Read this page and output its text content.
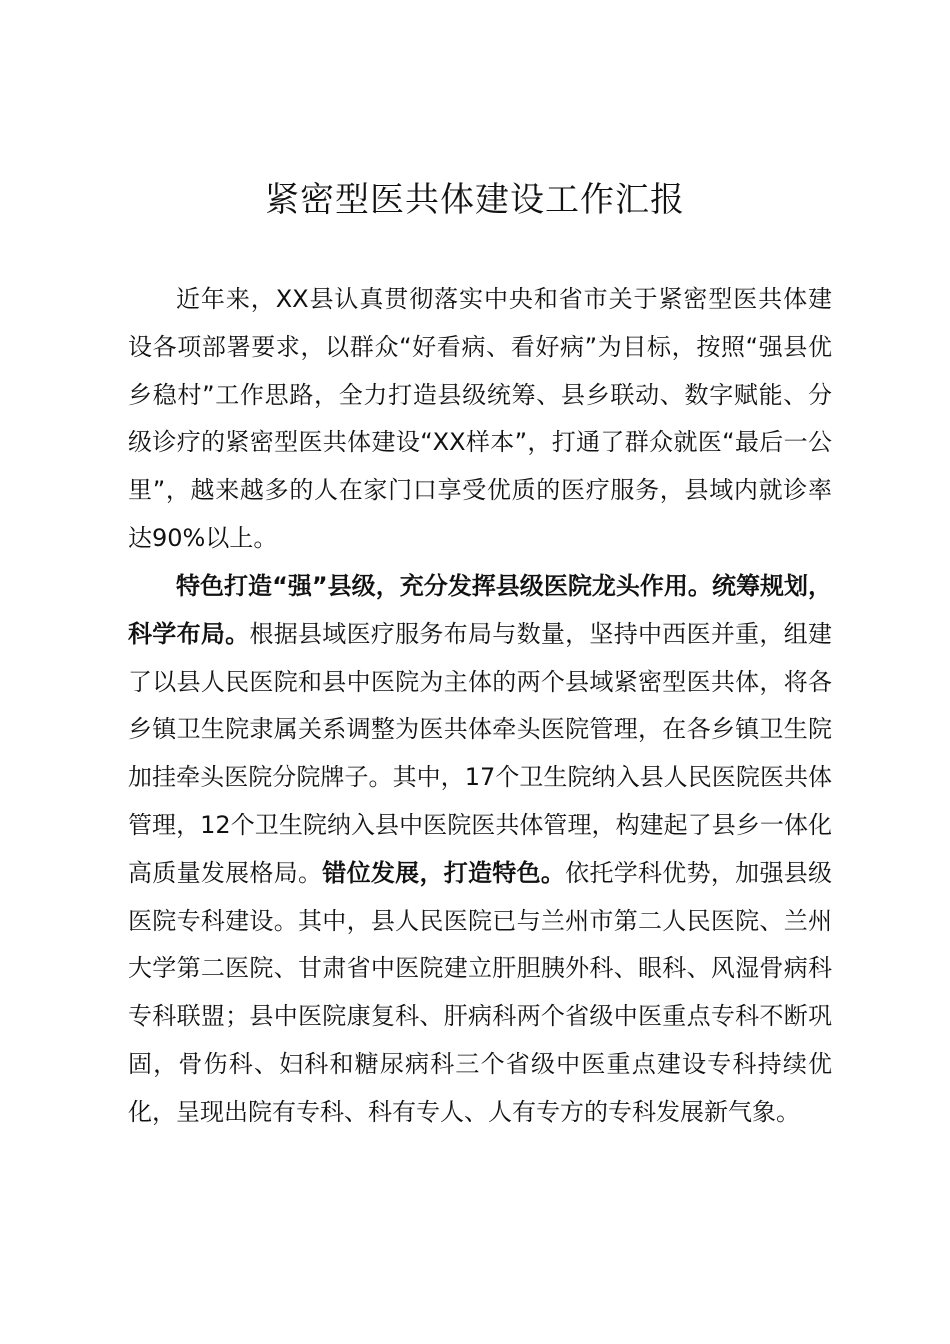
紧密型医共体建设工作汇报

近年来，XX县认真贯彻落实中央和省市关于紧密型医共体建设各项部署要求，以群众“好看病、看好病”为目标，按照“强县优乡稳村”工作思路，全力打造县级统筹、县乡联动、数字赋能、分级诊疗的紧密型医共体建设“XX样本”，打通了群众就医“最后一公里”，越来越多的人在家门口享受优质的医疗服务，县域内就诊率达90%以上。

特色打造“强”县级，充分发挥县级医院龙头作用。统筹规划，科学布局。根据县域医疗服务布局与数量，坚持中西医并重，组建了以县人民医院和县中医院为主体的两个县域紧密型医共体，将各乡镇卫生院隶属关系调整为医共体牵头医院管理，在各乡镇卫生院加挂牵头医院分院牌子。其中，17个卫生院纳入县人民医院医共体管理，12个卫生院纳入县中医院医共体管理，构建起了县乡一体化高质量发展格局。错位发展，打造特色。依托学科优势，加强县级医院专科建设。其中，县人民医院已与兰州市第二人民医院、兰州大学第二医院、甘肃省中医院建立肝胆胰外科、眼科、风湿骨病科专科联盟；县中医院康复科、肝病科两个省级中医重点专科不断巩固，骨伤科、妇科和糖尿病科三个省级中医重点建设专科持续优化，呈现出院有专科、科有专人、人有专方的专科发展新气象。
